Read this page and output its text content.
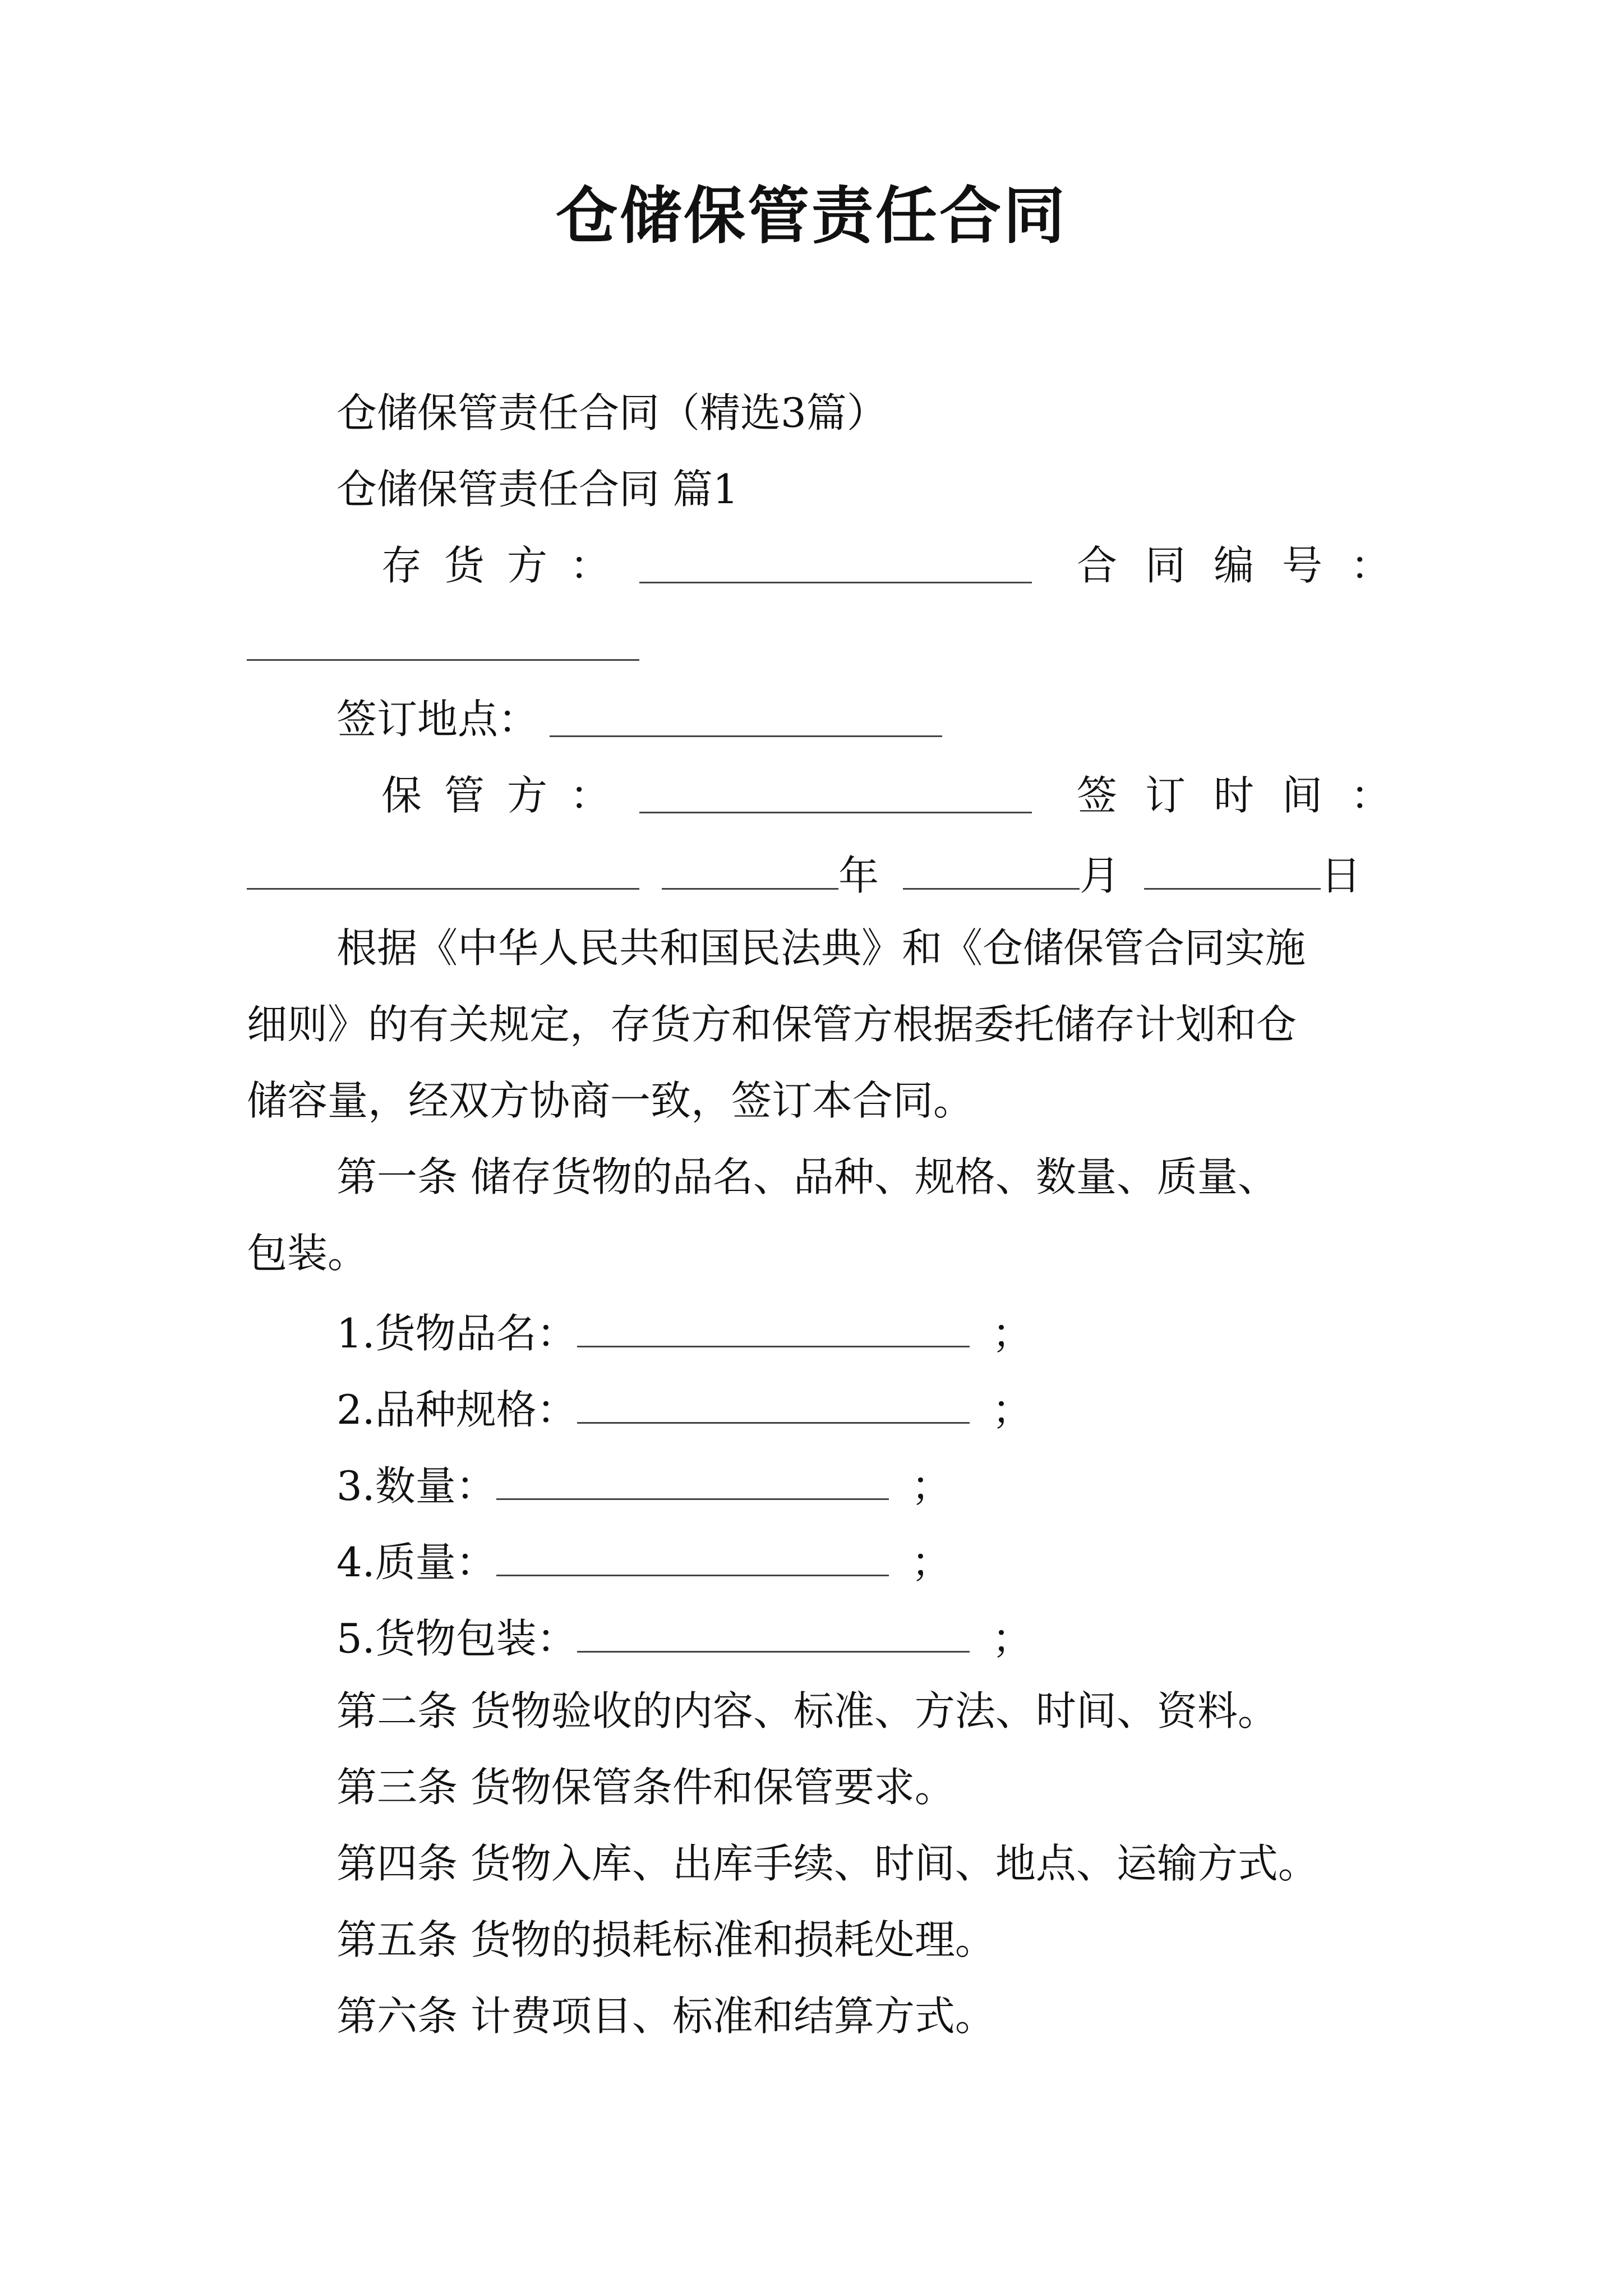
仓储保管责任合同
仓储保管责任合同（精选3篇）
仓储保管责任合同 篇1
存货方：	合同编号：
签订地点：
保管方：	签订时间：
年	月	日
根据《中华人民共和国民法典》和《仓储保管合同实施
细则》的有关规定，存货方和保管方根据委托储存计划和仓
储容量，经双方协商一致，签订本合同。
第一条 储存货物的品名、品种、规格、数量、质量、
包装。
1.货物品名：	；
2.品种规格：	；
3.数量：	；
4.质量：	；
5.货物包装：	；
第二条 货物验收的内容、标准、方法、时间、资料。
第三条 货物保管条件和保管要求。
第四条 货物入库、出库手续、时间、地点、运输方式。
第五条 货物的损耗标准和损耗处理。
第六条 计费项目、标准和结算方式。
